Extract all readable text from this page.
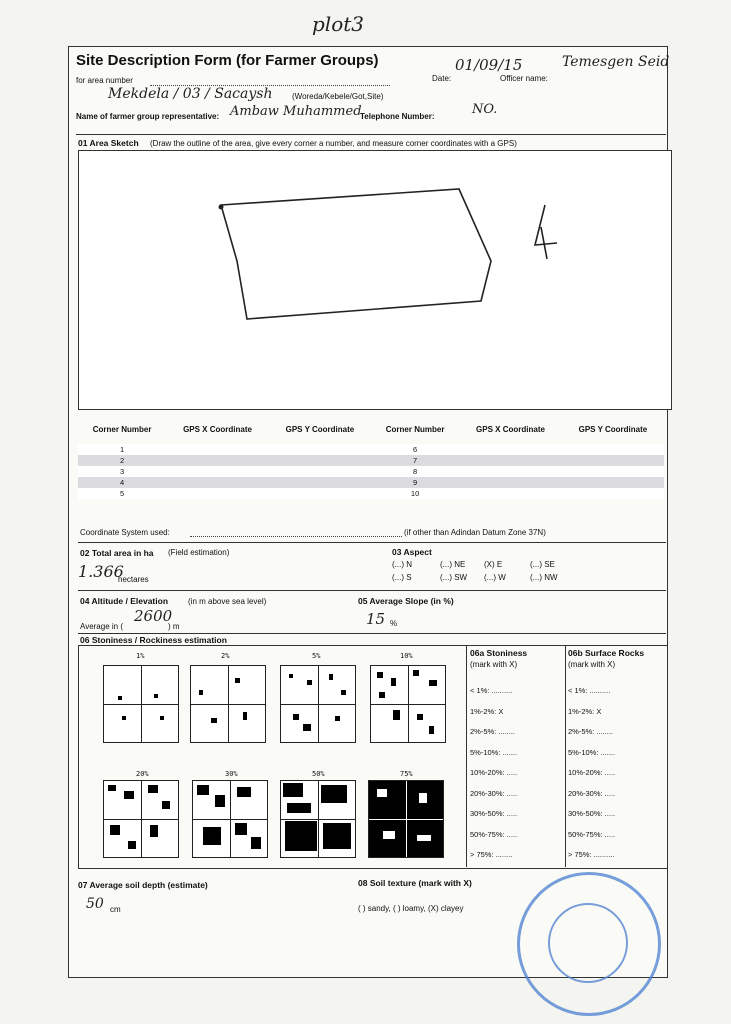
plot3
Site Description Form (for Farmer Groups)
for area number
Mekdela / 03 / Sacaysh (Woreda/Kebele/Got,Site)
Date:
01/09/15
Officer name:
Temesgen Seid
Name of farmer group representative: Ambaw Muhammed
Telephone Number:	NO.
01 Area Sketch (Draw the outline of the area, give every corner a number, and measure corner coordinates with a GPS)
Corner Number	GPS X Coordinate	GPS Y Coordinate	Corner Number	GPS X Coordinate	GPS Y Coordinate
1			6		
2			7		
3			8		
4			9		
5			10		
Coordinate System used:	(if other than Adindan Datum Zone 37N)
02 Total area in ha (Field estimation)
1.366
hectares
03 Aspect
(...) N	(...) NE (X) E	(...) SE
(...) S	(...) SW (...) W	(...) NW
04 Altitude / Elevation (in m above sea level)
Average in (
2600
) m
05 Average Slope (in %)
15 %
06 Stoniness / Rockiness estimation
1%	2%	5%	10%
20%	30%	50%	75%
06a Stoniness
(mark with X)
06b Surface Rocks
(mark with X)
< 1%: ..........
1%-2%: X
2%-5%: ........
5%-10%: .......
10%-20%: .....
20%-30%: .....
30%-50%: .....
50%-75%: .....
> 75%: ........
< 1%: ..........
1%-2%: X
2%-5%: ........
5%-10%: .......
10%-20%: .....
20%-30%: .....
30%-50%: .....
50%-75%: .....
> 75%: ..........
07 Average soil depth (estimate)
50 cm
08 Soil texture (mark with X)
( ) sandy, ( ) loamy, (X) clayey
